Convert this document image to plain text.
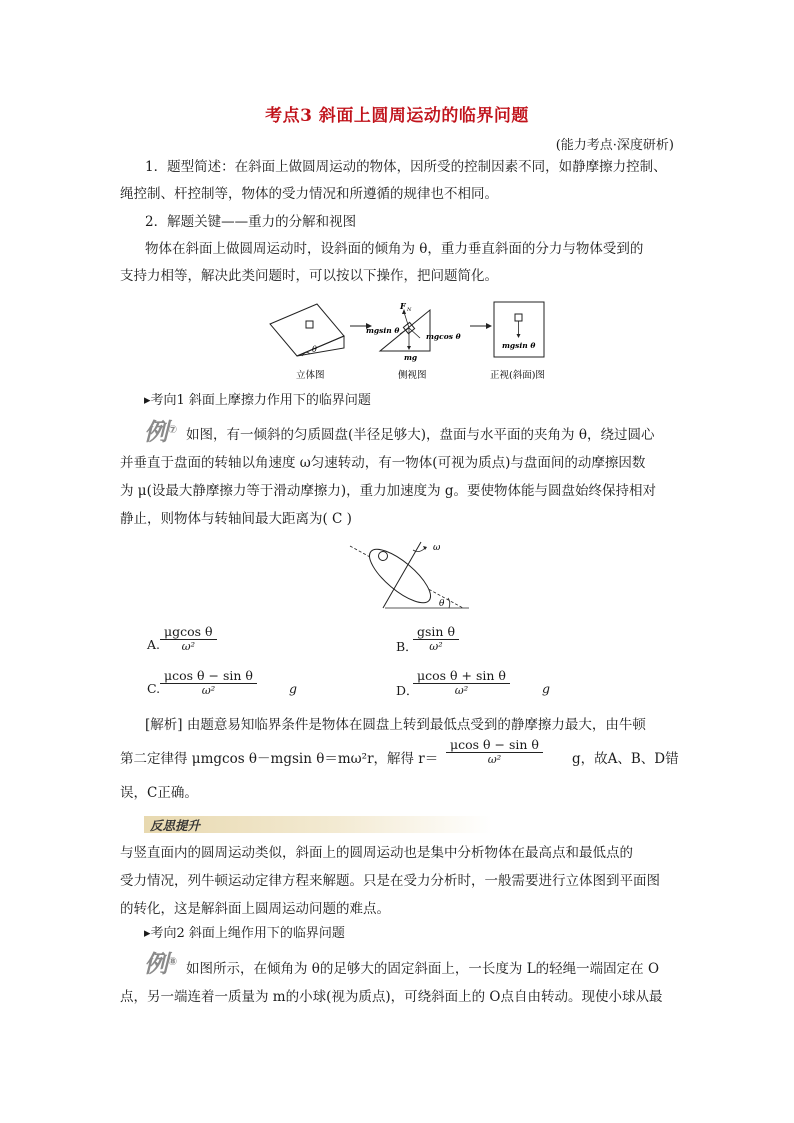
考点3 斜面上圆周运动的临界问题
(能力考点·深度研析)
1．题型简述：在斜面上做圆周运动的物体，因所受的控制因素不同，如静摩擦力控制、
绳控制、杆控制等，物体的受力情况和所遵循的规律也不相同。
2．解题关键——重力的分解和视图
物体在斜面上做圆周运动时，设斜面的倾角为 θ，重力垂直斜面的分力与物体受到的
支持力相等，解决此类问题时，可以按以下操作，把问题简化。
θ
F N
mgsin θ
mgcos θ
mg
mgsin θ
立体图	侧视图	正视(斜面)图
▸考向1 斜面上摩擦力作用下的临界问题
例⑦ 如图，有一倾斜的匀质圆盘(半径足够大)，盘面与水平面的夹角为 θ，绕过圆心
并垂直于盘面的转轴以角速度 ω匀速转动，有一物体(可视为质点)与盘面间的动摩擦因数
为 μ(设最大静摩擦力等于滑动摩擦力)，重力加速度为 g。要使物体能与圆盘始终保持相对
静止，则物体与转轴间最大距离为( C )
ω
θ
A.
μgcos θ
ω²	B．
gsin θ
ω²
C.
μcos θ − sin θ
ω²	g	D．
μcos θ + sin θ
ω²	g
[解析] 由题意易知临界条件是物体在圆盘上转到最低点受到的静摩擦力最大，由牛顿
第二定律得 μmgcos θ－mgsin θ＝mω²r，解得 r＝
μcos θ − sin θ
ω²	g，故A、B、D错
误，C正确。
反思提升
与竖直面内的圆周运动类似，斜面上的圆周运动也是集中分析物体在最高点和最低点的
受力情况，列牛顿运动定律方程来解题。只是在受力分析时，一般需要进行立体图到平面图
的转化，这是解斜面上圆周运动问题的难点。
▸考向2 斜面上绳作用下的临界问题
例⑧ 如图所示，在倾角为 θ的足够大的固定斜面上，一长度为 L的轻绳一端固定在 O
点，另一端连着一质量为 m的小球(视为质点)，可绕斜面上的 O点自由转动。现使小球从最
